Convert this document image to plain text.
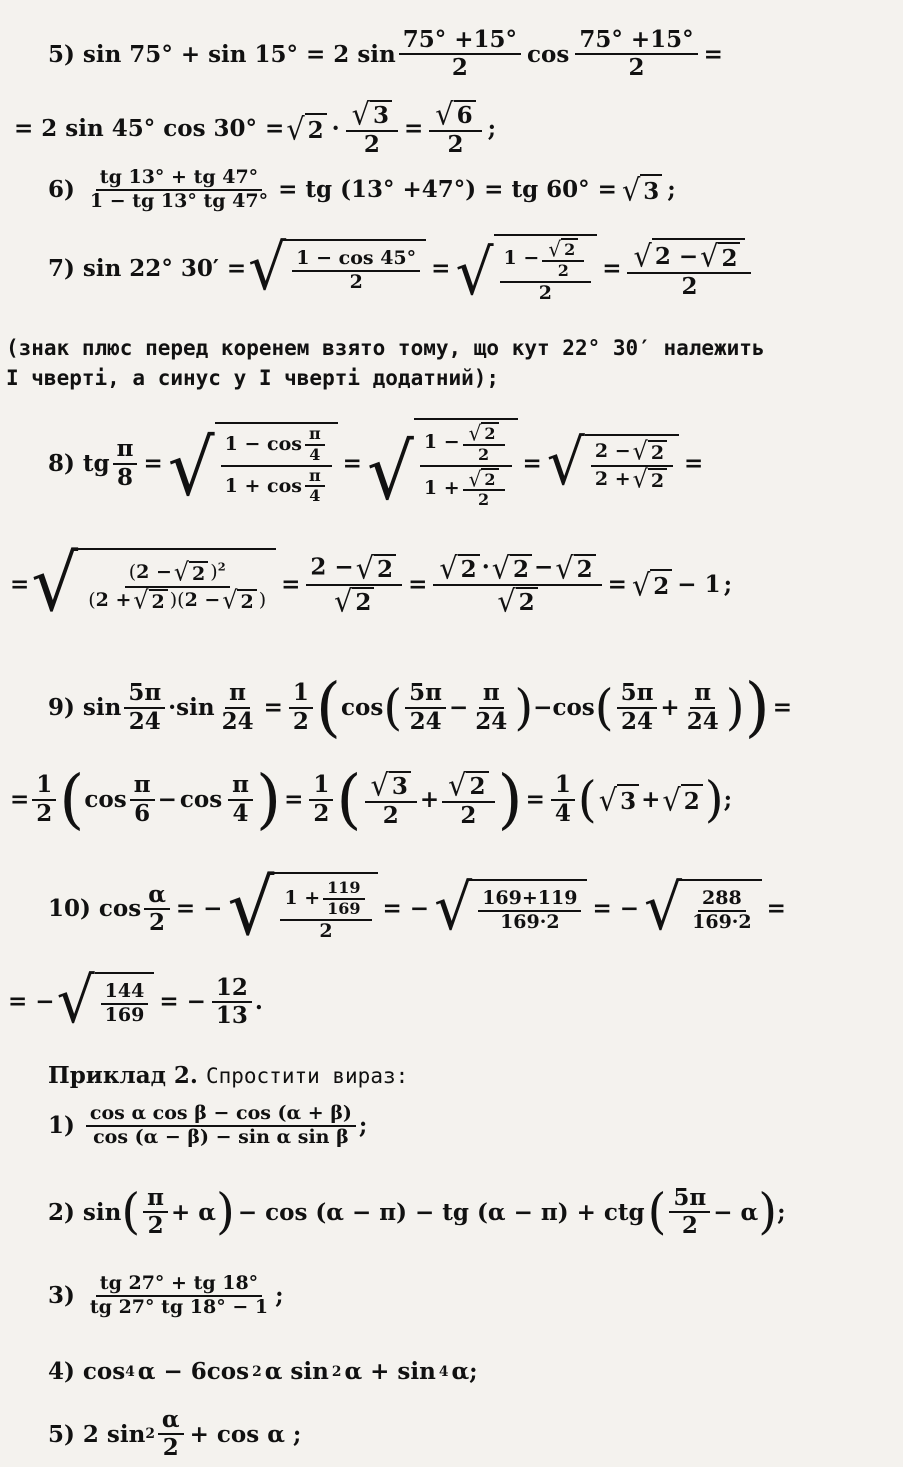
5) sin 75° + sin 15° = 2 $\sin \frac{75^\circ +15^\circ}{2}$ $\cos \frac{75^\circ +15^\circ}{2}$ =
= 2 sin 45° cos 30° = √ $2 \cdot \frac{√ 3}{2} = \frac{√ 6}{2}$ ;
$6) \frac{tg 13^\circ + tg 47^\circ}{1 - tg 13^\circ tg 47^\circ}$ = tg (13° +47°) = tg 60° = √ 3 ;
7) sin 22° 30′ = √ $\frac{1 - \cos 45^\circ}{2}$ = √ $\frac{1 - \frac{√ 2}{2}}{2} = \frac{√ 2 - √ 2}{2}$
(знак плюс перед коренем взято тому, що кут 22° 30′ належить
I чверті, а синус у I чверті додатний);
8) tg $\frac{\pi}{8}$ = √ $\frac{1 - \cos \frac{\pi}{4}}{1 + \cos \frac{\pi}{4}}$ = √ $\frac{1 - \frac{√ 2}{2}}{1 + \frac{√ 2}{2}}$ = √ $\frac{2 - √ 2}{2 + √ 2}$ =
= √ $\frac{(2 - √ 2 )^2}{(2 + √ 2 )(2 - √ 2 )} = \frac{2 - √ 2}{√ 2} = \frac{√ 2 \cdot √ 2 - √ 2}{√ 2}$ = √ 2 − 1 ;
9) $\sin \frac{5\pi}{24} \cdot \sin \frac{\pi}{24} = \frac{1}{2}$ ( cos ( $\frac{5\pi}{24} - \frac{\pi}{24}$ ) − cos ( $\frac{5\pi}{24} + \frac{\pi}{24}$ ) ) =
= $\frac{1}{2}$ ( $\cos \frac{\pi}{6} - \cos \frac{\pi}{4}$ ) = $\frac{1}{2}$ ( $\frac{√ 3}{2} + \frac{√ 2}{2}$ ) = $\frac{1}{4}$ ( √ 3 + √ 2 ) ;
10) $\cos \frac{\alpha}{2}$ = − √ $\frac{1 + \frac{119}{169}}{2}$ = − √ $\frac{169+119}{169\cdot 2}$ = − √ $\frac{288}{169\cdot 2}$ =
= − √ $\frac{144}{169}$ = − $\frac{12}{13}$ .
Приклад 2. Спростити вираз:
$1) \frac{\text{cos α cos β − cos (α + β)}}{\text{cos (α − β) − sin α sin β}}$ ;
2) sin ( $\frac{\pi}{2} + \alpha$ ) − cos (α − π) − tg (α − π) + ctg ( $\frac{5\pi}{2} - \alpha$ ) ;
$3) \frac{tg 27^\circ + tg 18^\circ}{tg 27^\circ tg 18^\circ - 1}$ ;
4) cos 4 α − 6cos 2 α sin 2 α + sin 4 α;
5) 2 $\sin 2 \frac{\alpha}{2} + \cos \alpha$ ;
